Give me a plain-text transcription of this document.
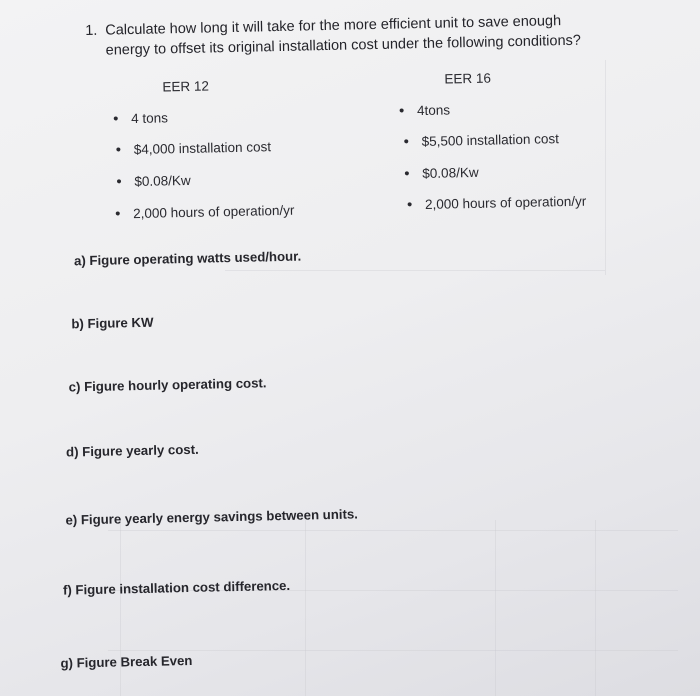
1. Calculate how long it will take for the more efficient unit to save enough energy to offset its original installation cost under the following conditions?
EER 12
• 4 tons
• $4,000 installation cost
• $0.08/Kw
• 2,000 hours of operation/yr
EER 16
• 4tons
• $5,500 installation cost
• $0.08/Kw
• 2,000 hours of operation/yr
a) Figure operating watts used/hour.
b) Figure KW
c) Figure hourly operating cost.
d) Figure yearly cost.
e) Figure yearly energy savings between units.
f) Figure installation cost difference.
g) Figure Break Even
